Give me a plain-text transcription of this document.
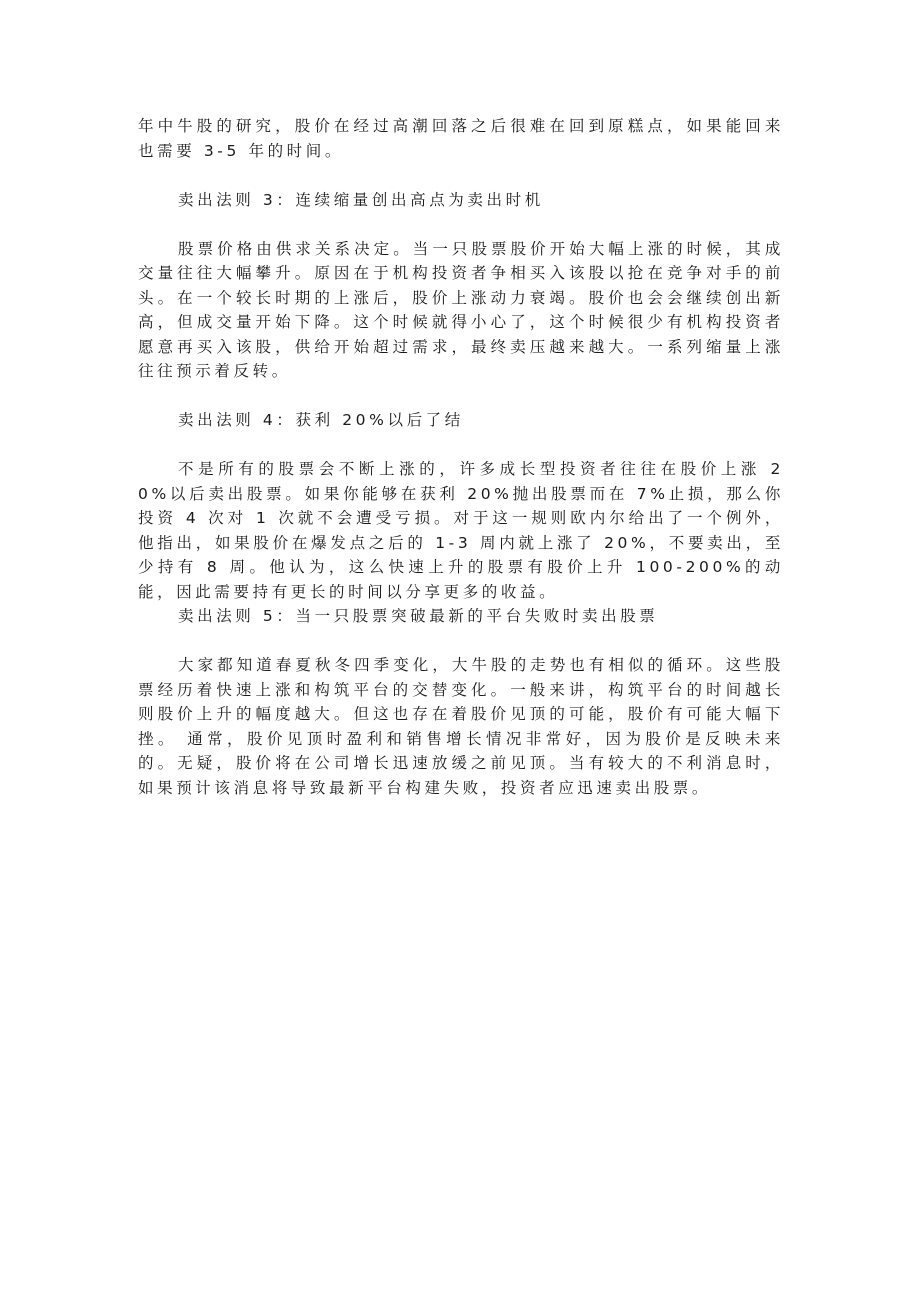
年中牛股的研究，股价在经过高潮回落之后很难在回到原糕点，如果能回来也需要 3-5 年的时间。

卖出法则 3：连续缩量创出高点为卖出时机

股票价格由供求关系决定。当一只股票股价开始大幅上涨的时候，其成交量往往大幅攀升。原因在于机构投资者争相买入该股以抢在竞争对手的前头。在一个较长时期的上涨后，股价上涨动力衰竭。股价也会会继续创出新高，但成交量开始下降。这个时候就得小心了，这个时候很少有机构投资者愿意再买入该股，供给开始超过需求，最终卖压越来越大。一系列缩量上涨往往预示着反转。

卖出法则 4：获利 20%以后了结

不是所有的股票会不断上涨的，许多成长型投资者往往在股价上涨 20%以后卖出股票。如果你能够在获利 20%抛出股票而在 7%止损，那么你投资 4 次对 1 次就不会遭受亏损。对于这一规则欧内尔给出了一个例外，他指出，如果股价在爆发点之后的 1-3 周内就上涨了 20%，不要卖出，至少持有 8 周。他认为，这么快速上升的股票有股价上升 100-200%的动能，因此需要持有更长的时间以分享更多的收益。

卖出法则 5：当一只股票突破最新的平台失败时卖出股票

大家都知道春夏秋冬四季变化，大牛股的走势也有相似的循环。这些股票经历着快速上涨和构筑平台的交替变化。一般来讲，构筑平台的时间越长则股价上升的幅度越大。但这也存在着股价见顶的可能，股价有可能大幅下挫。 通常，股价见顶时盈利和销售增长情况非常好，因为股价是反映未来的。无疑，股价将在公司增长迅速放缓之前见顶。当有较大的不利消息时，如果预计该消息将导致最新平台构建失败，投资者应迅速卖出股票。
